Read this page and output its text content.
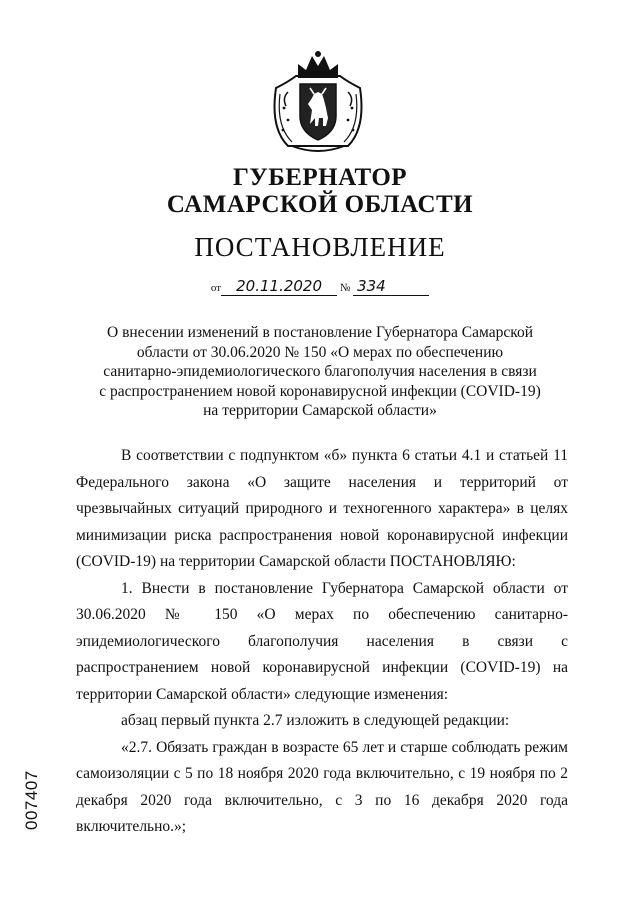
ГУБЕРНАТОР
САМАРСКОЙ ОБЛАСТИ
ПОСТАНОВЛЕНИЕ
от 20.11.2020 № 334
О внесении изменений в постановление Губернатора Самарской
области от 30.06.2020 № 150 «О мерах по обеспечению
санитарно-эпидемиологического благополучия населения в связи
с распространением новой коронавирусной инфекции (COVID-19)
на территории Самарской области»

В соответствии с подпунктом «б» пункта 6 статьи 4.1 и статьей 11 Федерального закона «О защите населения и территорий от чрезвычайных ситуаций природного и техногенного характера» в целях минимизации риска распространения новой коронавирусной инфекции (COVID-19) на территории Самарской области ПОСТАНОВЛЯЮ:

1. Внести в постановление Губернатора Самарской области от 30.06.2020 № 150 «О мерах по обеспечению санитарно-эпидемиологического благополучия населения в связи с распространением новой коронавирусной инфекции (COVID-19) на территории Самарской области» следующие изменения:

абзац первый пункта 2.7 изложить в следующей редакции:

«2.7. Обязать граждан в возрасте 65 лет и старше соблюдать режим самоизоляции с 5 по 18 ноября 2020 года включительно, с 19 ноября по 2 декабря 2020 года включительно, с 3 по 16 декабря 2020 года включительно.»;

007407
